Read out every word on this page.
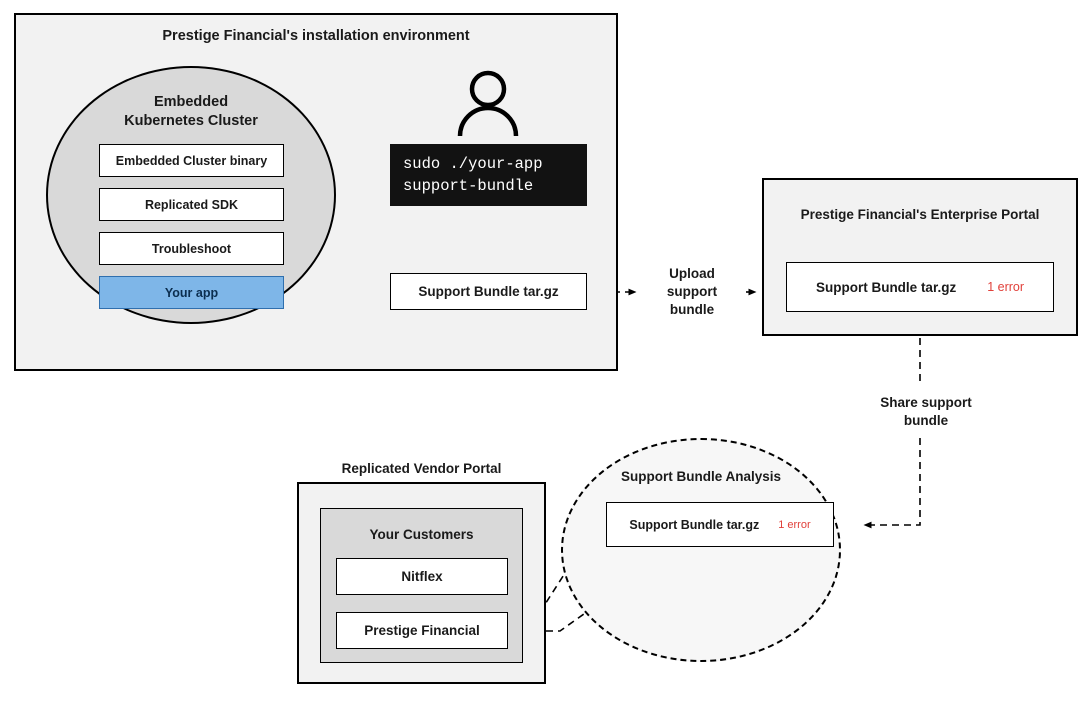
Prestige Financial's installation environment
Embedded
Kubernetes Cluster
Embedded Cluster binary
Replicated SDK
Troubleshoot
Your app
sudo ./your-app
support-bundle
Support Bundle tar.gz
Upload
support
bundle
Prestige Financial's Enterprise Portal
Support Bundle tar.gz 1 error
Share support
bundle
Support Bundle Analysis
Support Bundle tar.gz 1 error
Replicated Vendor Portal
Your Customers
Nitflex
Prestige Financial
